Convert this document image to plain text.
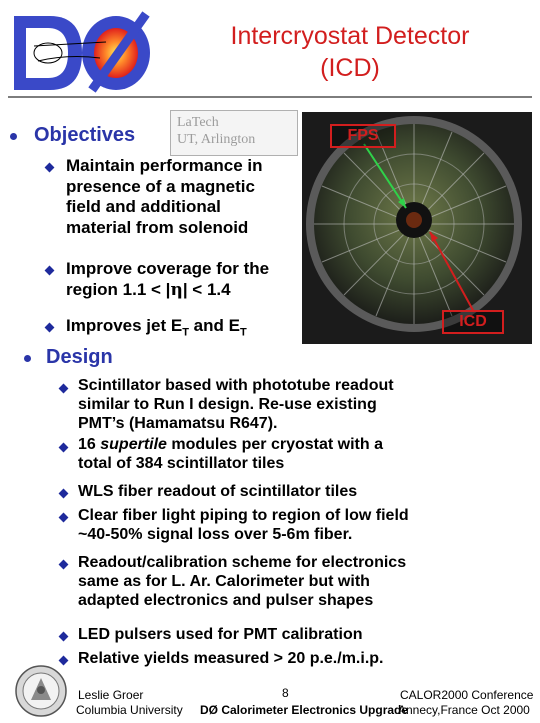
Intercryostat Detector
(ICD)
Objectives
LaTech
UT, Arlington
Maintain performance in
presence of a magnetic
field and additional
material from solenoid
Improve coverage for the
region 1.1 < |η| < 1.4
Improves jet $E_T$ and $E_T$
FPS
ICD
Design
Scintillator based with phototube readout
similar to Run I design. Re-use existing
PMT’s (Hamamatsu R647).
16 supertile modules per cryostat with a
total of 384 scintillator tiles
WLS fiber readout of scintillator tiles
Clear fiber light piping to region of low field
~40-50% signal loss over 5-6m fiber.
Readout/calibration scheme for electronics
same as for L. Ar. Calorimeter but with
adapted electronics and pulser shapes
LED pulsers used for PMT calibration
Relative yields measured > 20 p.e./m.i.p.
Leslie Groer
Columbia University
8
DØ Calorimeter Electronics Upgrade
CALOR2000 Conference
Annecy,France Oct 2000
